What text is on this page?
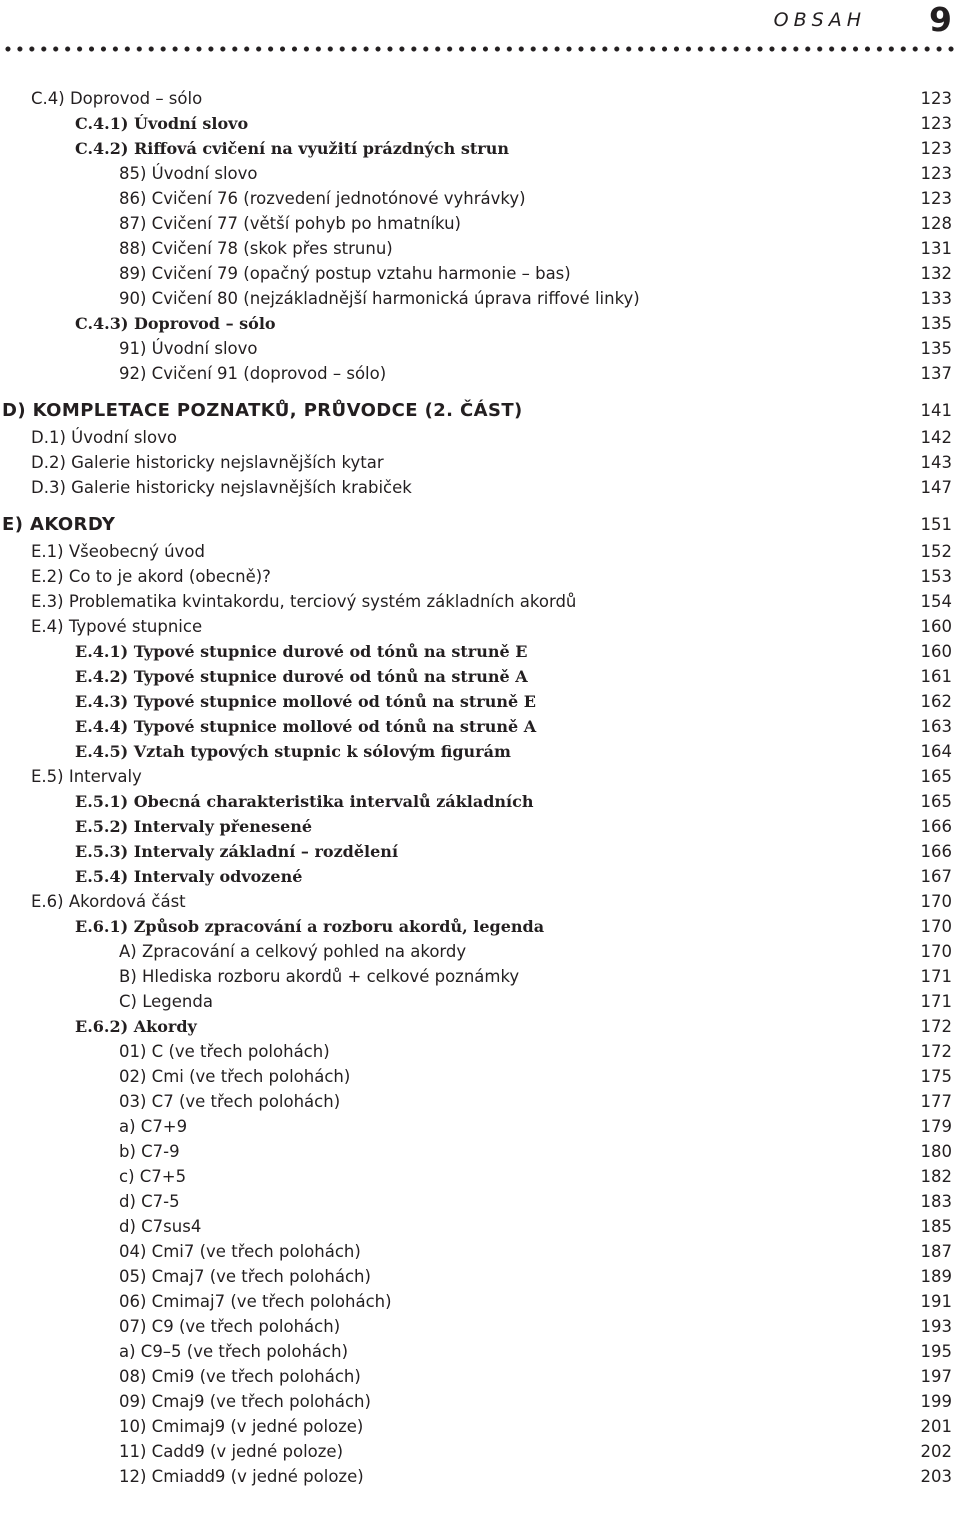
OBSAH 9
C.4) Doprovod – sólo	123
C.4.1) Úvodní slovo	123
C.4.2) Riffová cvičení na využití prázdných strun	123
85) Úvodní slovo	123
86) Cvičení 76 (rozvedení jednotónové vyhrávky)	123
87) Cvičení 77 (větší pohyb po hmatníku)	128
88) Cvičení 78 (skok přes strunu)	131
89) Cvičení 79 (opačný postup vztahu harmonie – bas)	132
90) Cvičení 80 (nejzákladnější harmonická úprava riffové linky)	133
C.4.3) Doprovod – sólo	135
91) Úvodní slovo	135
92) Cvičení 91 (doprovod – sólo)	137
D) KOMPLETACE POZNATKŮ, PRŮVODCE (2. ČÁST)	141
D.1) Úvodní slovo	142
D.2) Galerie historicky nejslavnějších kytar	143
D.3) Galerie historicky nejslavnějších krabiček	147
E) AKORDY	151
E.1) Všeobecný úvod	152
E.2) Co to je akord (obecně)?	153
E.3) Problematika kvintakordu, terciový systém základních akordů	154
E.4) Typové stupnice	160
E.4.1) Typové stupnice durové od tónů na struně E	160
E.4.2) Typové stupnice durové od tónů na struně A	161
E.4.3) Typové stupnice mollové od tónů na struně E	162
E.4.4) Typové stupnice mollové od tónů na struně A	163
E.4.5) Vztah typových stupnic k sólovým figurám	164
E.5) Intervaly	165
E.5.1) Obecná charakteristika intervalů základních	165
E.5.2) Intervaly přenesené	166
E.5.3) Intervaly základní – rozdělení	166
E.5.4) Intervaly odvozené	167
E.6) Akordová část	170
E.6.1) Způsob zpracování a rozboru akordů, legenda	170
A) Zpracování a celkový pohled na akordy	170
B) Hlediska rozboru akordů + celkové poznámky	171
C) Legenda	171
E.6.2) Akordy	172
01) C (ve třech polohách)	172
02) Cmi (ve třech polohách)	175
03) C7 (ve třech polohách)	177
a) C7+9	179
b) C7-9	180
c) C7+5	182
d) C7-5	183
d) C7sus4	185
04) Cmi7 (ve třech polohách)	187
05) Cmaj7 (ve třech polohách)	189
06) Cmimaj7 (ve třech polohách)	191
07) C9 (ve třech polohách)	193
a) C9–5 (ve třech polohách)	195
08) Cmi9 (ve třech polohách)	197
09) Cmaj9 (ve třech polohách)	199
10) Cmimaj9 (v jedné poloze)	201
11) Cadd9 (v jedné poloze)	202
12) Cmiadd9 (v jedné poloze)	203
